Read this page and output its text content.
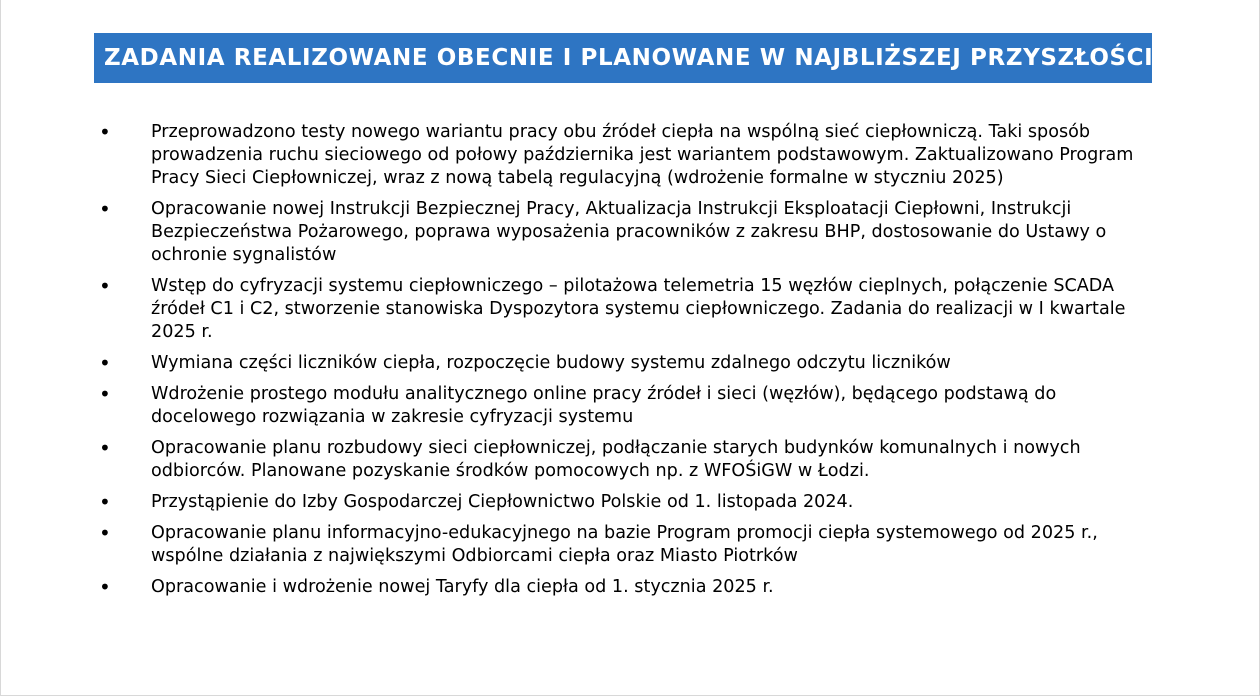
ZADANIA REALIZOWANE OBECNIE I PLANOWANE W NAJBLIŻSZEJ PRZYSZŁOŚCI
•	Przeprowadzono testy nowego wariantu pracy obu źródeł ciepła na wspólną sieć ciepłowniczą. Taki sposób prowadzenia ruchu sieciowego od połowy października jest wariantem podstawowym. Zaktualizowano Program Pracy Sieci Ciepłowniczej, wraz z nową tabelą regulacyjną (wdrożenie formalne w styczniu 2025)
•	Opracowanie nowej Instrukcji Bezpiecznej Pracy, Aktualizacja Instrukcji Eksploatacji Ciepłowni, Instrukcji Bezpieczeństwa Pożarowego, poprawa wyposażenia pracowników z zakresu BHP, dostosowanie do Ustawy o ochronie sygnalistów
•	Wstęp do cyfryzacji systemu ciepłowniczego – pilotażowa telemetria 15 węzłów cieplnych, połączenie SCADA źródeł C1 i C2, stworzenie stanowiska Dyspozytora systemu ciepłowniczego. Zadania do realizacji w I kwartale 2025 r.
•	Wymiana części liczników ciepła, rozpoczęcie budowy systemu zdalnego odczytu liczników
•	Wdrożenie prostego modułu analitycznego online pracy źródeł i sieci (węzłów), będącego podstawą do docelowego rozwiązania w zakresie cyfryzacji systemu
•	Opracowanie planu rozbudowy sieci ciepłowniczej, podłączanie starych budynków komunalnych i nowych odbiorców. Planowane pozyskanie środków pomocowych np. z WFOŚiGW w Łodzi.
•	Przystąpienie do Izby Gospodarczej Ciepłownictwo Polskie od 1. listopada 2024.
•	Opracowanie planu informacyjno-edukacyjnego na bazie Program promocji ciepła systemowego od 2025 r., wspólne działania z największymi Odbiorcami ciepła oraz Miasto Piotrków
•	Opracowanie i wdrożenie nowej Taryfy dla ciepła od 1. stycznia 2025 r.
